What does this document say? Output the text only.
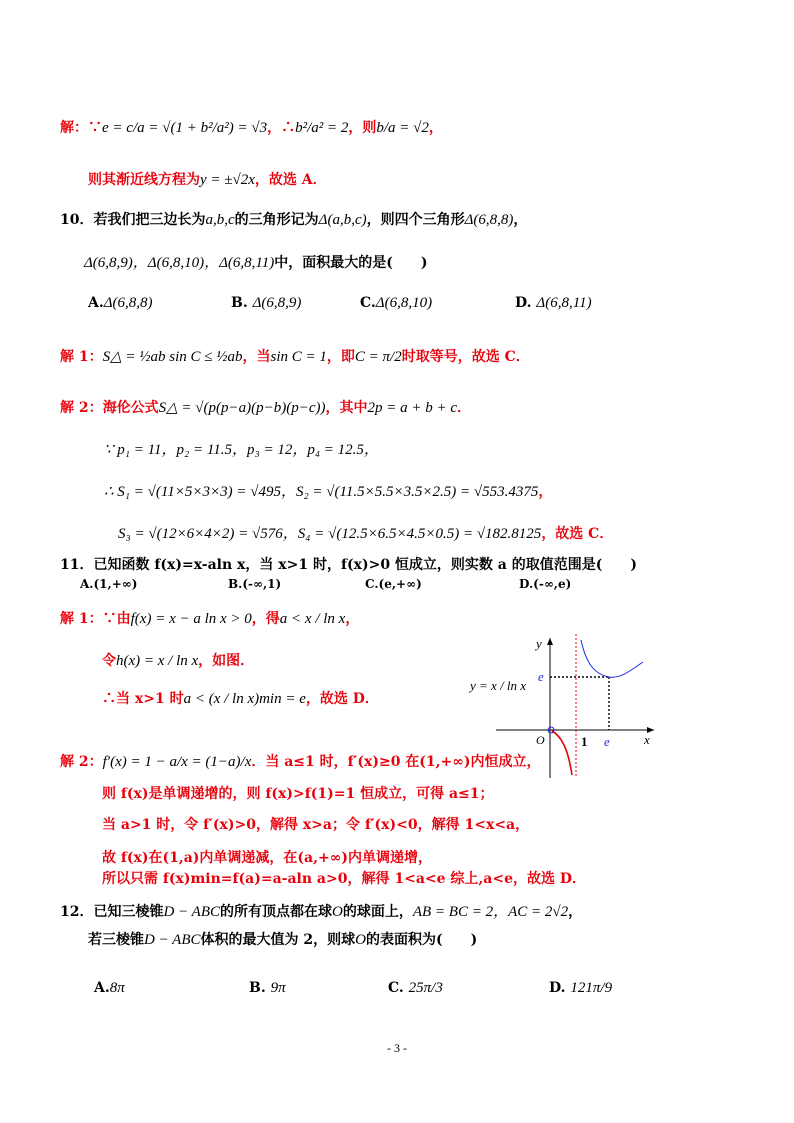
解：∵e = c/a = √(1 + b²/a²) = √3，∴b²/a² = 2，则b/a = √2，
则其渐近线方程为y = ±√2x，故选 A．
10．若我们把三边长为a,b,c的三角形记为Δ(a,b,c)，则四个三角形Δ(6,8,8)，
Δ(6,8,9)，Δ(6,8,10)，Δ(6,8,11)中，面积最大的是(　　)
A.Δ(6,8,8)	B. Δ(6,8,9)	C.Δ(6,8,10)	D. Δ(6,8,11)
解 1：S△ = ½ab sin C ≤ ½ab，当sin C = 1，即C = π/2时取等号，故选 C．
解 2：海伦公式S△ = √(p(p−a)(p−b)(p−c))，其中2p = a + b + c．
∵ p₁ = 11，p₂ = 11.5，p₃ = 12，p₄ = 12.5，
∴ S₁ = √(11×5×3×3) = √495，S₂ = √(11.5×5.5×3.5×2.5) = √553.4375，
S₃ = √(12×6×4×2) = √576，S₄ = √(12.5×6.5×4.5×0.5) = √182.8125，故选 C．
11．已知函数 f(x)=x-aln x，当 x>1 时，f(x)>0 恒成立，则实数 a 的取值范围是(　　)
A.(1,+∞)	B.(-∞,1)	C.(e,+∞)	D.(-∞,e)
解 1：∵由f(x) = x − a ln x > 0，得a < x / ln x，
令h(x) = x / ln x，如图．
∴当 x>1 时a < (x / ln x)min = e，故选 D．
y
x
O	1 e
e
y = x / ln x
解 2：f′(x) = 1 − a/x = (1−a)/x．当 a≤1 时，f′(x)≥0 在(1,+∞)内恒成立，
则 f(x)是单调递增的，则 f(x)>f(1)=1 恒成立，可得 a≤1；
当 a>1 时，令 f′(x)>0，解得 x>a；令 f′(x)<0，解得 1<x<a，
故 f(x)在(1,a)内单调递减，在(a,+∞)内单调递增，
所以只需 f(x)min=f(a)=a-aln a>0，解得 1<a<e 综上,a<e，故选 D．
12．已知三棱锥D − ABC的所有顶点都在球O的球面上，AB = BC = 2，AC = 2√2，
若三棱锥D − ABC体积的最大值为 2，则球O的表面积为(　　)
A.8π	B. 9π	C. 25π/3	D. 121π/9
- 3 -
